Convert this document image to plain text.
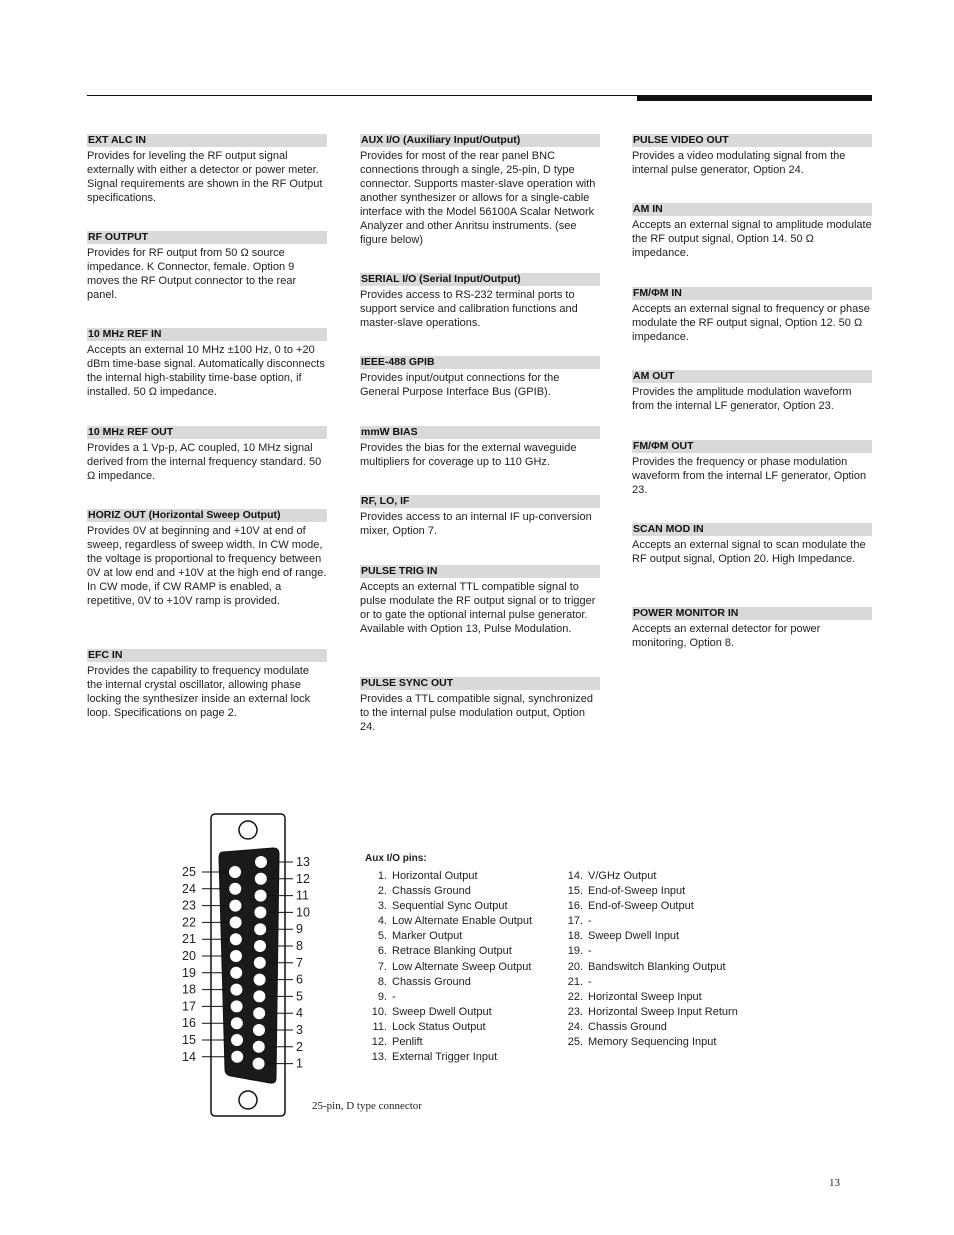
EXT ALC IN
Provides for leveling the RF output signal externally with either a detector or power meter. Signal requirements are shown in the RF Output specifications.
RF OUTPUT
Provides for RF output from 50 Ω source impedance. K Connector, female. Option 9 moves the RF Output connector to the rear panel.
10 MHz REF IN
Accepts an external 10 MHz ±100 Hz, 0 to +20 dBm time-base signal. Automatically disconnects the internal high-stability time-base option, if installed. 50 Ω impedance.
10 MHz REF OUT
Provides a 1 Vp-p, AC coupled, 10 MHz signal derived from the internal frequency standard. 50 Ω impedance.
HORIZ OUT (Horizontal Sweep Output)
Provides 0V at beginning and +10V at end of sweep, regardless of sweep width. In CW mode, the voltage is proportional to frequency between 0V at low end and +10V at the high end of range. In CW mode, if CW RAMP is enabled, a repetitive, 0V to +10V ramp is provided.
EFC IN
Provides the capability to frequency modulate the internal crystal oscillator, allowing phase locking the synthesizer inside an external lock loop. Specifications on page 2.
AUX I/O (Auxiliary Input/Output)
Provides for most of the rear panel BNC connections through a single, 25-pin, D type connector. Supports master-slave operation with another synthesizer or allows for a single-cable interface with the Model 56100A Scalar Network Analyzer and other Anritsu instruments. (see figure below)
SERIAL I/O (Serial Input/Output)
Provides access to RS-232 terminal ports to support service and calibration functions and master-slave operations.
IEEE-488 GPIB
Provides input/output connections for the General Purpose Interface Bus (GPIB).
mmW BIAS
Provides the bias for the external waveguide multipliers for coverage up to 110 GHz.
RF, LO, IF
Provides access to an internal IF up-conversion mixer, Option 7.
PULSE TRIG IN
Accepts an external TTL compatible signal to pulse modulate the RF output signal or to trigger or to gate the optional internal pulse generator. Available with Option 13, Pulse Modulation.
PULSE SYNC OUT
Provides a TTL compatible signal, synchronized to the internal pulse modulation output, Option 24.
PULSE VIDEO OUT
Provides a video modulating signal from the internal pulse generator, Option 24.
AM IN
Accepts an external signal to amplitude modulate the RF output signal, Option 14. 50 Ω impedance.
FM/ΦM IN
Accepts an external signal to frequency or phase modulate the RF output signal, Option 12. 50 Ω impedance.
AM OUT
Provides the amplitude modulation waveform from the internal LF generator, Option 23.
FM/ΦM OUT
Provides the frequency or phase modulation waveform from the internal LF generator, Option 23.
SCAN MOD IN
Accepts an external signal to scan modulate the RF output signal, Option 20. High Impedance.
POWER MONITOR IN
Accepts an external detector for power monitoring, Option 8.
13
12
11
10
9
8
7
6
5
4
3
2
1
25
24
23
22
21
20
19
18
17
16
15
14
Aux I/O pins:
1. Horizontal Output
2. Chassis Ground
3. Sequential Sync Output
4. Low Alternate Enable Output
5. Marker Output
6. Retrace Blanking Output
7. Low Alternate Sweep Output
8. Chassis Ground
9. -
10. Sweep Dwell Output
11. Lock Status Output
12. Penlift
13. External Trigger Input
14. V/GHz Output
15. End-of-Sweep Input
16. End-of-Sweep Output
17. -
18. Sweep Dwell Input
19. -
20. Bandswitch Blanking Output
21. -
22. Horizontal Sweep Input
23. Horizontal Sweep Input Return
24. Chassis Ground
25. Memory Sequencing Input
25-pin, D type connector
13
